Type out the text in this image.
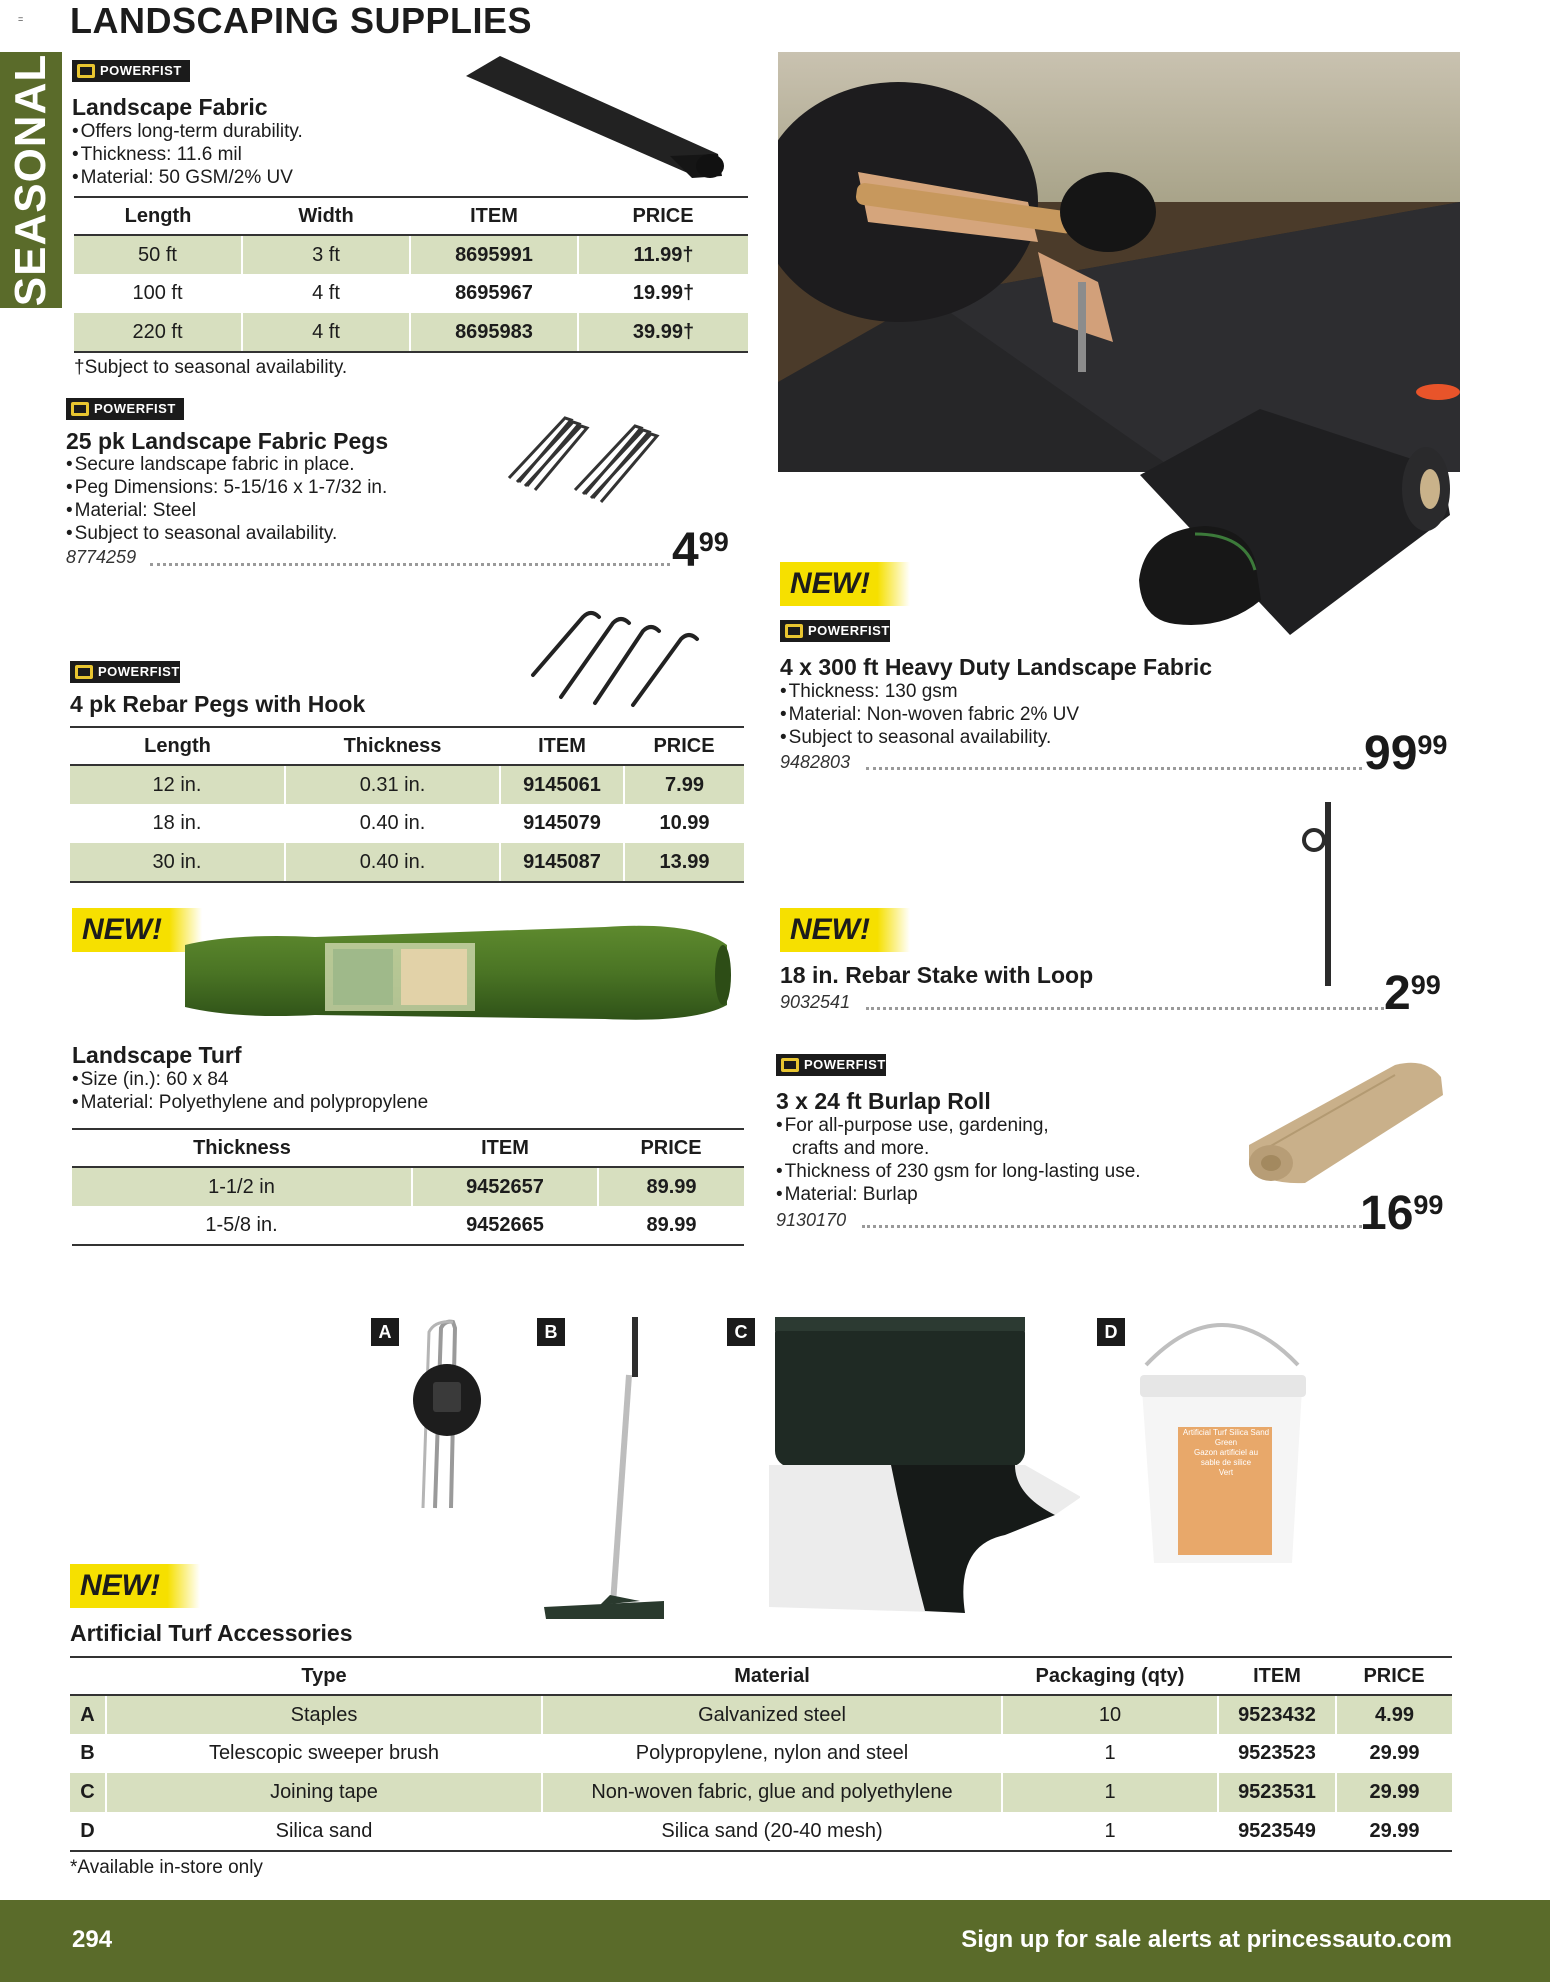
= LANDSCAPING SUPPLIES
SEASONAL	POWERFIST
Landscape Fabric
• Offers long-term durability.
• Thickness: 11.6 mil
• Material: 50 GSM/2% UV
Length	Width	ITEM	PRICE
50 ft	3 ft	8695991	11.99†
100 ft	4 ft	8695967	19.99†
220 ft	4 ft	8695983	39.99†
†Subject to seasonal availability.
POWERFIST
25 pk Landscape Fabric Pegs
• Secure landscape fabric in place.
• Peg Dimensions: 5-15/16 x 1-7/32 in.
• Material: Steel
• Subject to seasonal availability.
8774259	499
POWERFIST
4 pk Rebar Pegs with Hook
Length	Thickness	ITEM	PRICE
12 in.	0.31 in.	9145061	7.99
18 in.	0.40 in.	9145079	10.99
30 in.	0.40 in.	9145087	13.99
NEW!
Landscape Turf
• Size (in.): 60 x 84
• Material: Polyethylene and polypropylene
Thickness	ITEM	PRICE
1-1/2 in	9452657	89.99
1-5/8 in.	9452665	89.99
NEW!
POWERFIST
4 x 300 ft Heavy Duty Landscape Fabric
• Thickness: 130 gsm
• Material: Non-woven fabric 2% UV
• Subject to seasonal availability.
9482803	9999
NEW!
18 in. Rebar Stake with Loop
9032541	299
POWERFIST
3 x 24 ft Burlap Roll
• For all-purpose use, gardening,
crafts and more.
• Thickness of 230 gsm for long-lasting use.
• Material: Burlap
9130170	1699
A	B	C	D
Artificial Turf Silica Sand
Green
Gazon artificiel au
sable de silice
Vert
NEW!
Artificial Turf Accessories
	Type	Material	Packaging (qty)	ITEM	PRICE
A	Staples	Galvanized steel	10	9523432	4.99
B	Telescopic sweeper brush	Polypropylene, nylon and steel	1	9523523	29.99
C	Joining tape	Non-woven fabric, glue and polyethylene	1	9523531	29.99
D	Silica sand	Silica sand (20-40 mesh)	1	9523549	29.99
*Available in-store only
294	Sign up for sale alerts at princessauto.com
